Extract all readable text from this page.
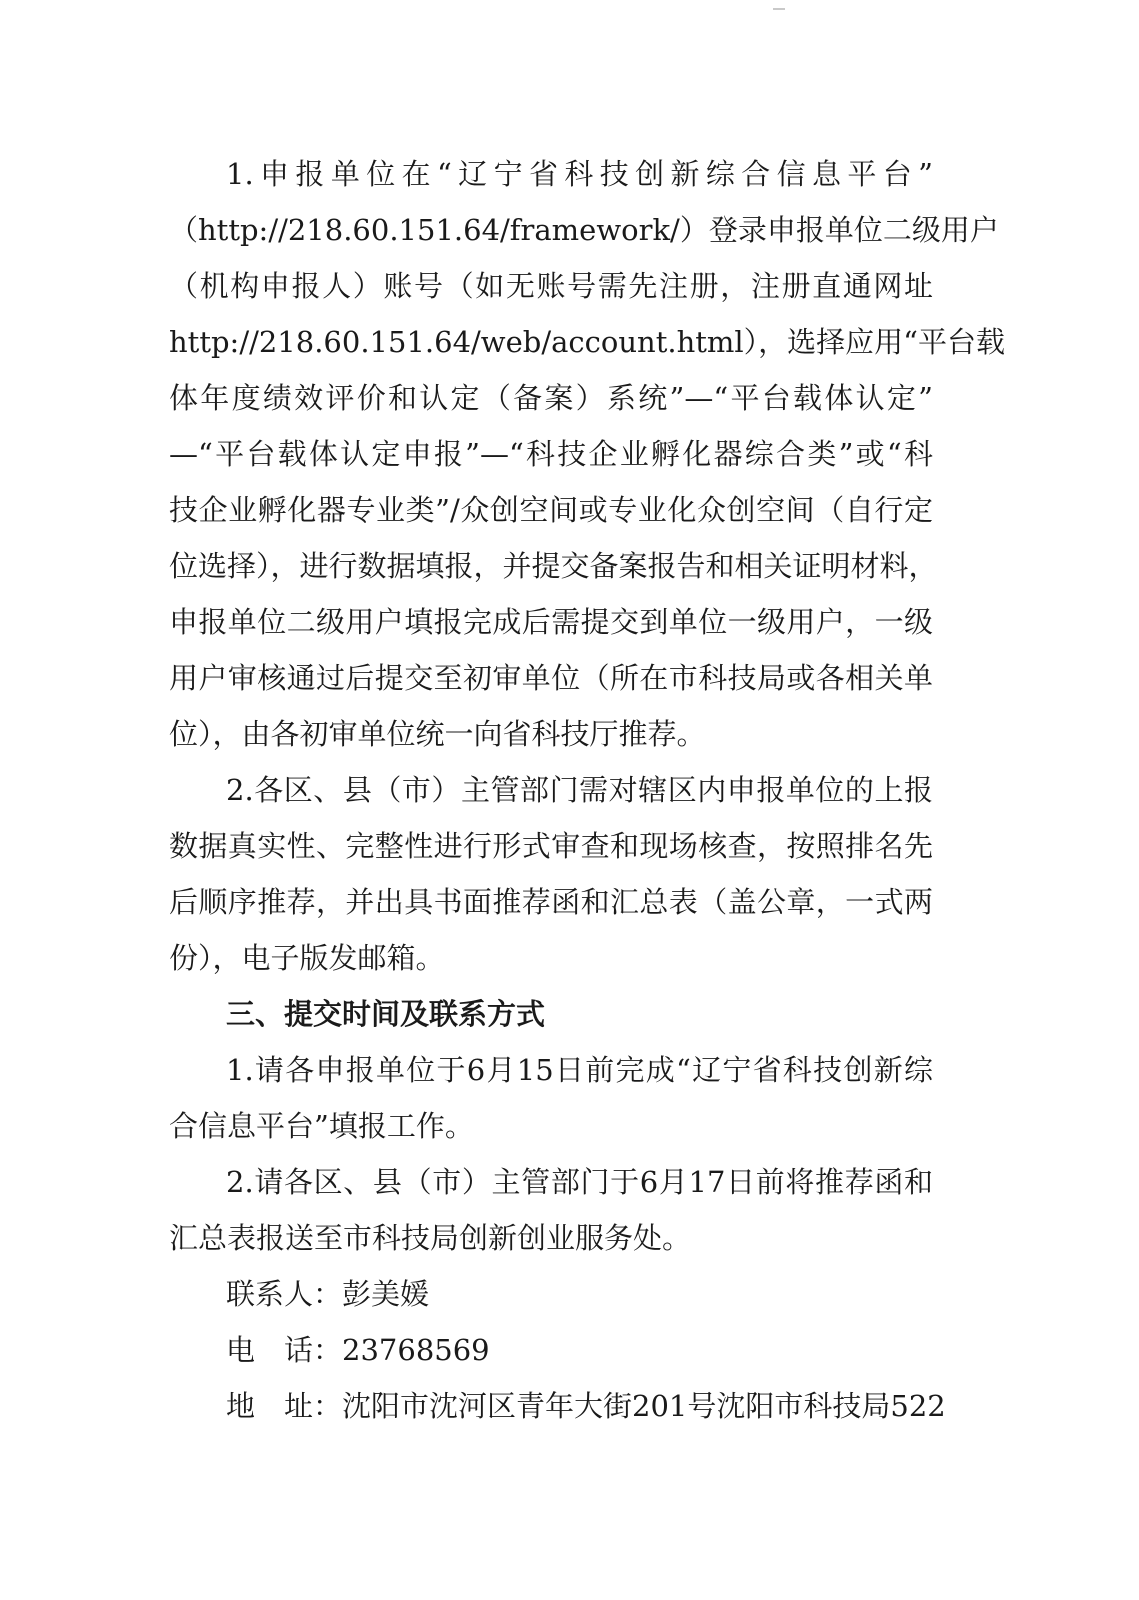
1.申报单位在“辽宁省科技创新综合信息平台”
（http://218.60.151.64/framework/）登录申报单位二级用户
（机构申报人）账号（如无账号需先注册，注册直通网址
http://218.60.151.64/web/account.html），选择应用“平台载
体年度绩效评价和认定（备案）系统”—“平台载体认定”
—“平台载体认定申报”—“科技企业孵化器综合类”或“科
技企业孵化器专业类”/众创空间或专业化众创空间（自行定
位选择），进行数据填报，并提交备案报告和相关证明材料，
申报单位二级用户填报完成后需提交到单位一级用户，一级
用户审核通过后提交至初审单位（所在市科技局或各相关单
位），由各初审单位统一向省科技厅推荐。
2.各区、县（市）主管部门需对辖区内申报单位的上报
数据真实性、完整性进行形式审查和现场核查，按照排名先
后顺序推荐，并出具书面推荐函和汇总表（盖公章，一式两
份），电子版发邮箱。
三、提交时间及联系方式
1.请各申报单位于6月15日前完成“辽宁省科技创新综
合信息平台”填报工作。
2.请各区、县（市）主管部门于6月17日前将推荐函和
汇总表报送至市科技局创新创业服务处。
联系人：彭美媛
电　话：23768569
地　址：沈阳市沈河区青年大街201号沈阳市科技局522
